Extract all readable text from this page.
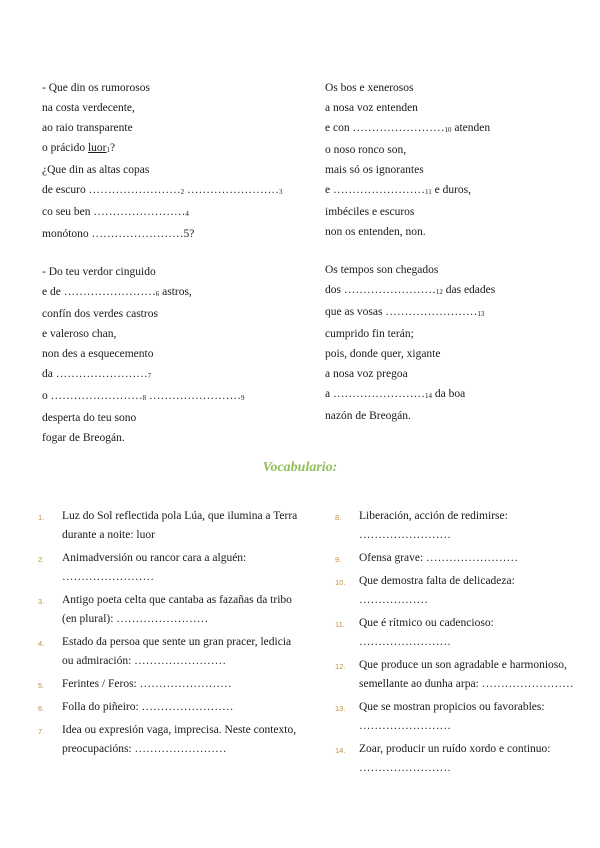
- Que din os rumorosos
na costa verdecente,
ao raio transparente
o prácido luor1?
¿Que din as altas copas
de escuro ……………………2 ……………………3
co seu ben ……………………4
monótono ……………………5?
- Do teu verdor cinguido
e de ……………………6 astros,
confín dos verdes castros
e valeroso chan,
non des a esquecemento
da ……………………7
o ……………………8 ……………………9
desperta do teu sono
fogar de Breogán.
Os bos e xenerosos
a nosa voz entenden
e con ……………………10 atenden
o noso ronco son,
mais só os ignorantes
e ……………………11 e duros,
imbéciles e escuros
non os entenden, non.
Os tempos son chegados
dos ……………………12 das edades
que as vosas ……………………13
cumprido fin terán;
pois, donde quer, xigante
a nosa voz pregoa
a ……………………14 da boa
nazón de Breogán.
Vocabulario:
1. Luz do Sol reflectida pola Lúa, que ilumina a Terra
durante a noite: luor
2. Animadversión ou rancor cara a alguén:
……………………
3. Antigo poeta celta que cantaba as fazañas da tribo
(en plural): ……………………
4. Estado da persoa que sente un gran pracer, ledicia
ou admiración: ……………………
5. Ferintes / Feros: ……………………
6. Folla do piñeiro: ……………………
7. Idea ou expresión vaga, imprecisa. Neste contexto,
preocupacións: ……………………
8. Liberación, acción de redimirse: ……………………
9. Ofensa grave: ……………………
10. Que demostra falta de delicadeza: ………………
11. Que é rítmico ou cadencioso: ……………………
12. Que produce un son agradable e harmonioso,
semellante ao dunha arpa: ……………………
13. Que se mostran propicios ou favorables:
……………………
14. Zoar, producir un ruído xordo e continuo:
……………………
